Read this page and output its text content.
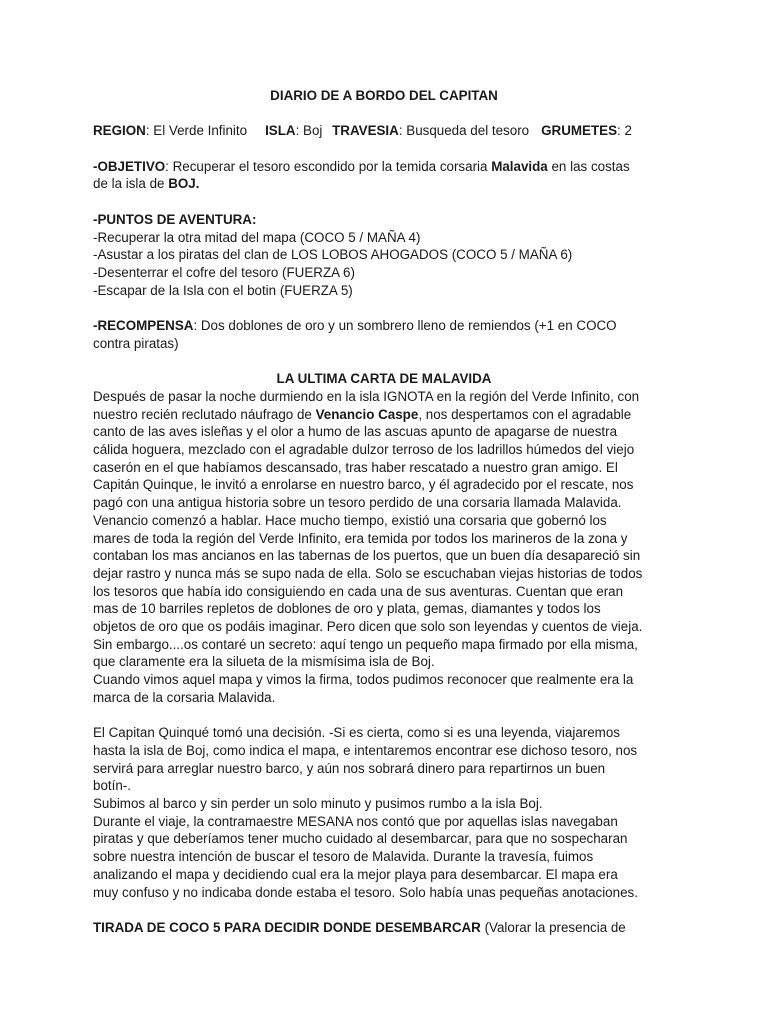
DIARIO DE A BORDO DEL CAPITAN

REGION: El Verde Infinito ISLA: Boj TRAVESIA: Busqueda del tesoro GRUMETES: 2

-OBJETIVO: Recuperar el tesoro escondido por la temida corsaria Malavida en las costas

de la isla de BOJ.

-PUNTOS DE AVENTURA:

-Recuperar la otra mitad del mapa (COCO 5 / MAÑA 4)

-Asustar a los piratas del clan de LOS LOBOS AHOGADOS (COCO 5 / MAÑA 6)

-Desenterrar el cofre del tesoro (FUERZA 6)

-Escapar de la Isla con el botin (FUERZA 5)

-RECOMPENSA: Dos doblones de oro y un sombrero lleno de remiendos (+1 en COCO

contra piratas)

LA ULTIMA CARTA DE MALAVIDA

Después de pasar la noche durmiendo en la isla IGNOTA en la región del Verde Infinito, con

nuestro recién reclutado náufrago de Venancio Caspe, nos despertamos con el agradable

canto de las aves isleñas y el olor a humo de las ascuas apunto de apagarse de nuestra

cálida hoguera, mezclado con el agradable dulzor terroso de los ladrillos húmedos del viejo

caserón en el que habíamos descansado, tras haber rescatado a nuestro gran amigo. El

Capitán Quinque, le invitó a enrolarse en nuestro barco, y él agradecido por el rescate, nos

pagó con una antigua historia sobre un tesoro perdido de una corsaria llamada Malavida.

Venancio comenzó a hablar. Hace mucho tiempo, existió una corsaria que gobernó los

mares de toda la región del Verde Infinito, era temida por todos los marineros de la zona y

contaban los mas ancianos en las tabernas de los puertos, que un buen día desapareció sin

dejar rastro y nunca más se supo nada de ella. Solo se escuchaban viejas historias de todos

los tesoros que había ido consiguiendo en cada una de sus aventuras. Cuentan que eran

mas de 10 barriles repletos de doblones de oro y plata, gemas, diamantes y todos los

objetos de oro que os podáis imaginar. Pero dicen que solo son leyendas y cuentos de vieja.

Sin embargo....os contaré un secreto: aquí tengo un pequeño mapa firmado por ella misma,

que claramente era la silueta de la mismísima isla de Boj.

Cuando vimos aquel mapa y vimos la firma, todos pudimos reconocer que realmente era la

marca de la corsaria Malavida.

El Capitan Quinqué tomó una decisión. -Si es cierta, como si es una leyenda, viajaremos

hasta la isla de Boj, como indica el mapa, e intentaremos encontrar ese dichoso tesoro, nos

servirá para arreglar nuestro barco, y aún nos sobrará dinero para repartirnos un buen

botín-.

Subimos al barco y sin perder un solo minuto y pusimos rumbo a la isla Boj.

Durante el viaje, la contramaestre MESANA nos contó que por aquellas islas navegaban

piratas y que deberíamos tener mucho cuidado al desembarcar, para que no sospecharan

sobre nuestra intención de buscar el tesoro de Malavida. Durante la travesía, fuimos

analizando el mapa y decidiendo cual era la mejor playa para desembarcar. El mapa era

muy confuso y no indicaba donde estaba el tesoro. Solo había unas pequeñas anotaciones.

TIRADA DE COCO 5 PARA DECIDIR DONDE DESEMBARCAR (Valorar la presencia de
